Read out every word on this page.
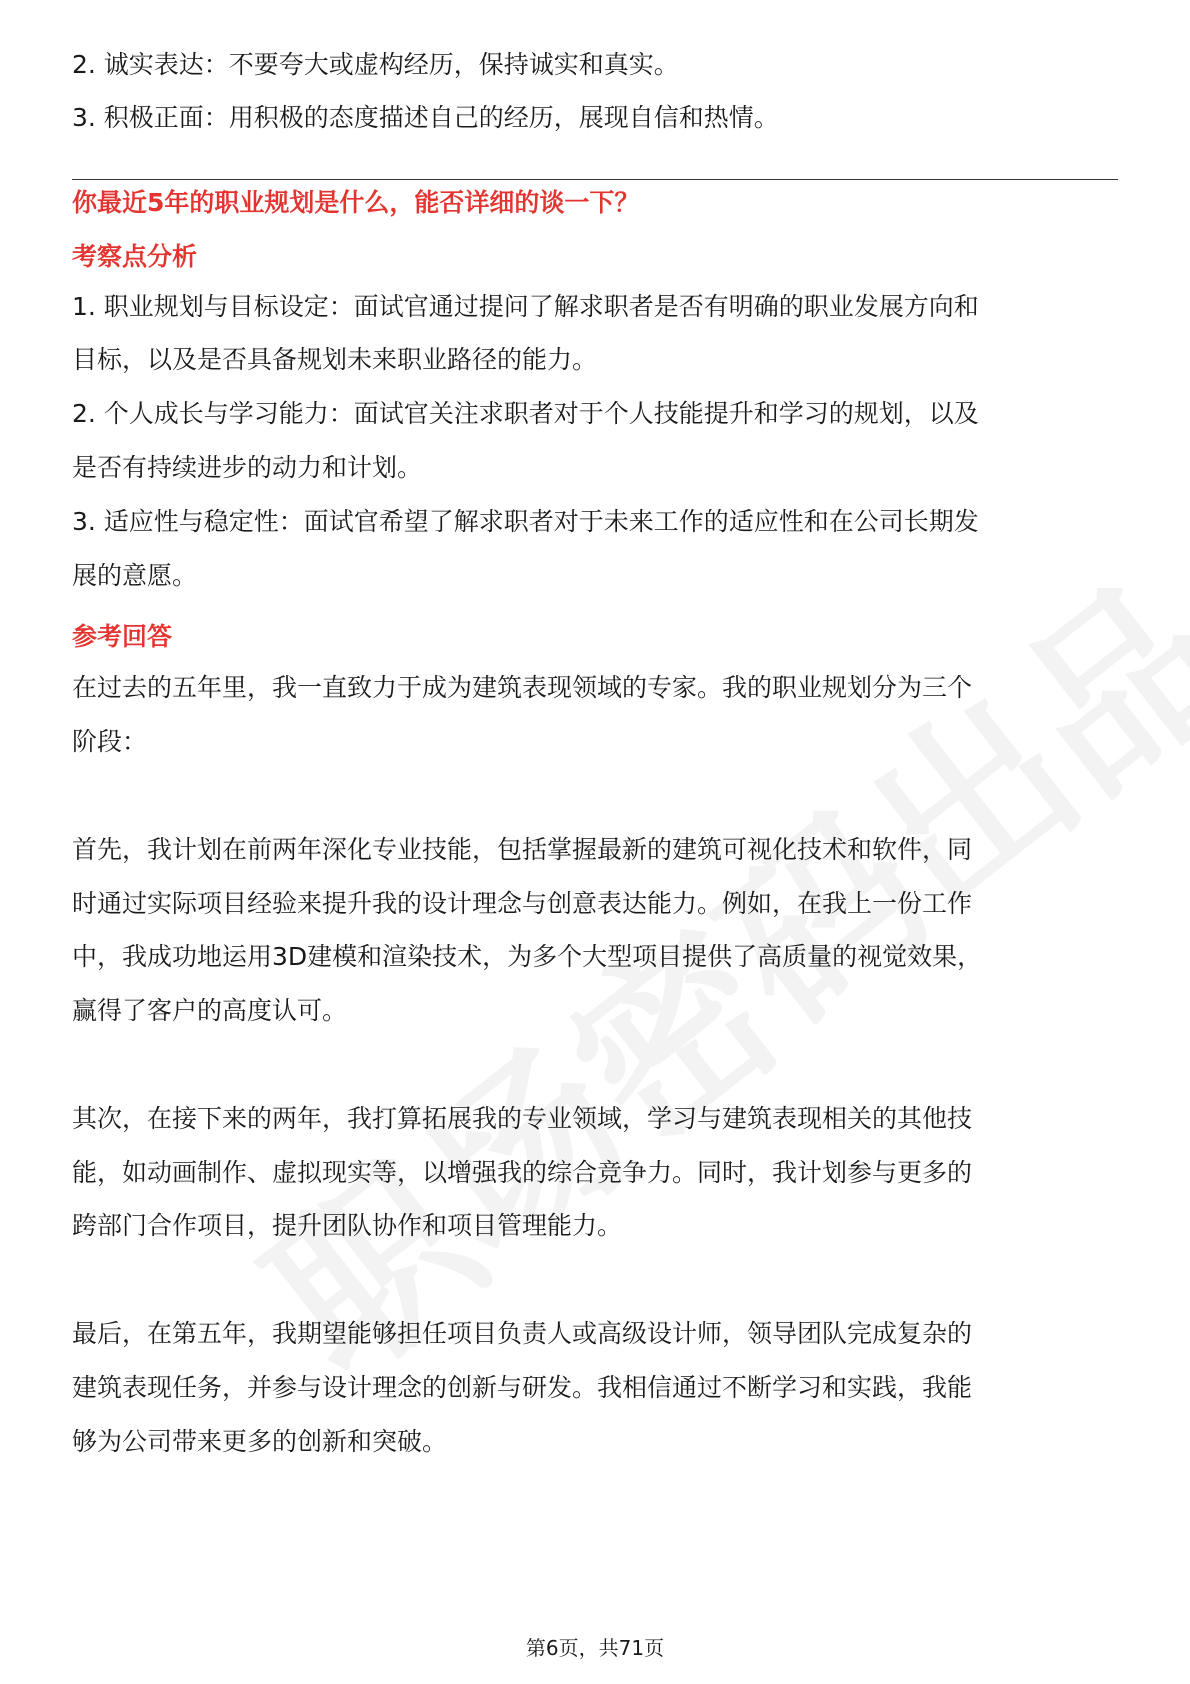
2. 诚实表达：不要夸大或虚构经历，保持诚实和真实。
3. 积极正面：用积极的态度描述自己的经历，展现自信和热情。
你最近5年的职业规划是什么，能否详细的谈一下？
考察点分析
1. 职业规划与目标设定：面试官通过提问了解求职者是否有明确的职业发展方向和
目标，以及是否具备规划未来职业路径的能力。
2. 个人成长与学习能力：面试官关注求职者对于个人技能提升和学习的规划，以及
是否有持续进步的动力和计划。
3. 适应性与稳定性：面试官希望了解求职者对于未来工作的适应性和在公司长期发
展的意愿。
参考回答
在过去的五年里，我一直致力于成为建筑表现领域的专家。我的职业规划分为三个
阶段：
首先，我计划在前两年深化专业技能，包括掌握最新的建筑可视化技术和软件，同
时通过实际项目经验来提升我的设计理念与创意表达能力。例如，在我上一份工作
中，我成功地运用3D建模和渲染技术，为多个大型项目提供了高质量的视觉效果，
赢得了客户的高度认可。
其次，在接下来的两年，我打算拓展我的专业领域，学习与建筑表现相关的其他技
能，如动画制作、虚拟现实等，以增强我的综合竞争力。同时，我计划参与更多的
跨部门合作项目，提升团队协作和项目管理能力。
最后，在第五年，我期望能够担任项目负责人或高级设计师，领导团队完成复杂的
建筑表现任务，并参与设计理念的创新与研发。我相信通过不断学习和实践，我能
够为公司带来更多的创新和突破。
第6页，共71页
